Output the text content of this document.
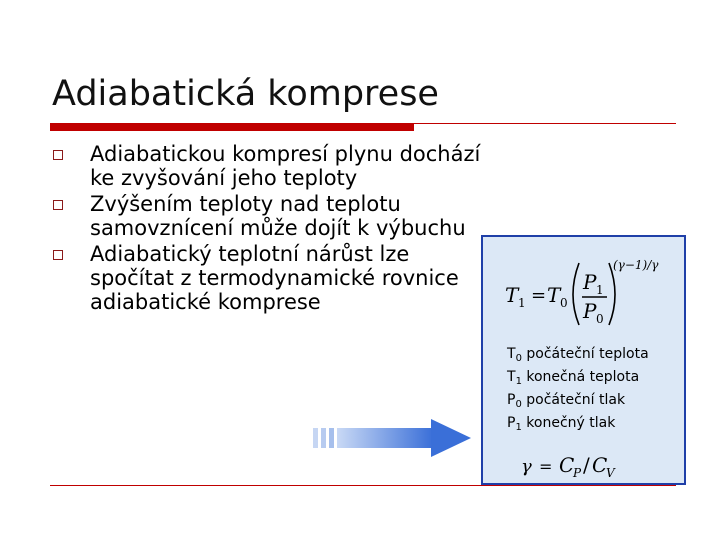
Adiabatická komprese
Adiabatickou kompresí plynu dochází ke zvyšování jeho teploty
Zvýšením teploty nad teplotu samovznícení může dojít k výbuchu
Adiabatický teplotní nárůst lze spočítat z termodynamické rovnice adiabatické komprese	T 1 = T 0
P 1
P 0
(γ−1)/γ
γ = C
P / C
V
$T_0$ počáteční teplota
$T_1$ konečná teplota
$P_0$ počáteční tlak
$P_1$ konečný tlak
